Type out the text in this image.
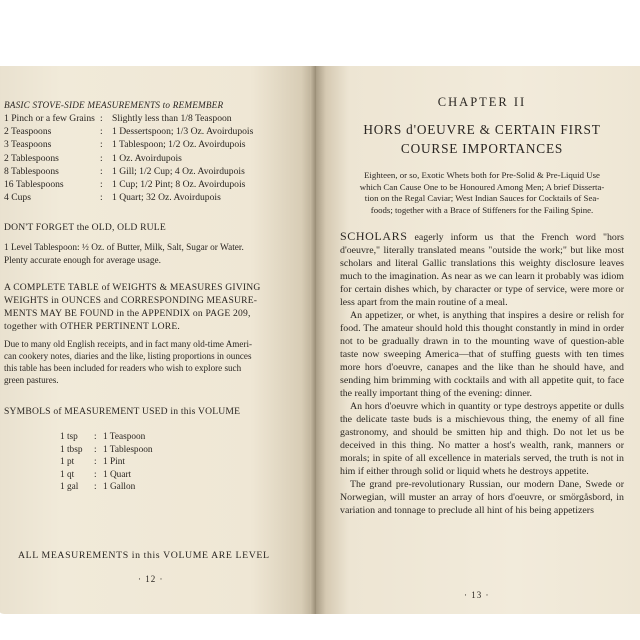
BASIC STOVE-SIDE MEASUREMENTS to REMEMBER
1 Pinch or a few Grains : Slightly less than 1/8 Teaspoon
2 Teaspoons	: 1 Dessertspoon; 1/3 Oz. Avoirdupois
3 Teaspoons	: 1 Tablespoon; 1/2 Oz. Avoirdupois
2 Tablespoons	: 1 Oz. Avoirdupois
8 Tablespoons	: 1 Gill; 1/2 Cup; 4 Oz. Avoirdupois
16 Tablespoons	: 1 Cup; 1/2 Pint; 8 Oz. Avoirdupois
4 Cups	: 1 Quart; 32 Oz. Avoirdupois
DON'T FORGET the OLD, OLD RULE
1 Level Tablespoon: ½ Oz. of Butter, Milk, Salt, Sugar or Water.
Plenty accurate enough for average usage.
A COMPLETE TABLE of WEIGHTS & MEASURES GIVING
WEIGHTS in OUNCES and CORRESPONDING MEASURE-
MENTS MAY BE FOUND in the APPENDIX on PAGE 209,
together with OTHER PERTINENT LORE.
Due to many old English receipts, and in fact many old-time Ameri-
can cookery notes, diaries and the like, listing proportions in ounces
this table has been included for readers who wish to explore such
green pastures.
SYMBOLS of MEASUREMENT USED in this VOLUME
1 tsp : 1 Teaspoon
1 tbsp : 1 Tablespoon
1 pt : 1 Pint
1 qt : 1 Quart
1 gal : 1 Gallon
ALL MEASUREMENTS in this VOLUME ARE LEVEL
· 12 ·
CHAPTER II
HORS d'OEUVRE & CERTAIN FIRST
COURSE IMPORTANCES
Eighteen, or so, Exotic Whets both for Pre-Solid & Pre-Liquid Use
which Can Cause One to be Honoured Among Men; A brief Disserta-
tion on the Regal Caviar; West Indian Sauces for Cocktails of Sea-
foods; together with a Brace of Stiffeners for the Failing Spine.

SCHOLARS eagerly inform us that the French word "hors d'oeuvre," literally translated means "outside the work;" but like most scholars and literal Gallic translations this weighty disclosure leaves much to the imagination. As near as we can learn it probably was idiom for certain dishes which, by character or type of service, were more or less apart from the main routine of a meal.

An appetizer, or whet, is anything that inspires a desire or relish for food. The amateur should hold this thought constantly in mind in order not to be gradually drawn in to the mounting wave of question-able taste now sweeping America—that of stuffing guests with ten times more hors d'oeuvre, canapes and the like than he should have, and sending him brimming with cocktails and with all appetite quit, to face the really important thing of the evening: dinner.

An hors d'oeuvre which in quantity or type destroys appetite or dulls the delicate taste buds is a mischievous thing, the enemy of all fine gastronomy, and should be smitten hip and thigh. Do not let us be deceived in this thing. No matter a host's wealth, rank, manners or morals; in spite of all excellence in materials served, the truth is not in him if either through solid or liquid whets he destroys appetite.

The grand pre-revolutionary Russian, our modern Dane, Swede or Norwegian, will muster an array of hors d'oeuvre, or smörgåsbord, in variation and tonnage to preclude all hint of his being appetizers

· 13 ·
